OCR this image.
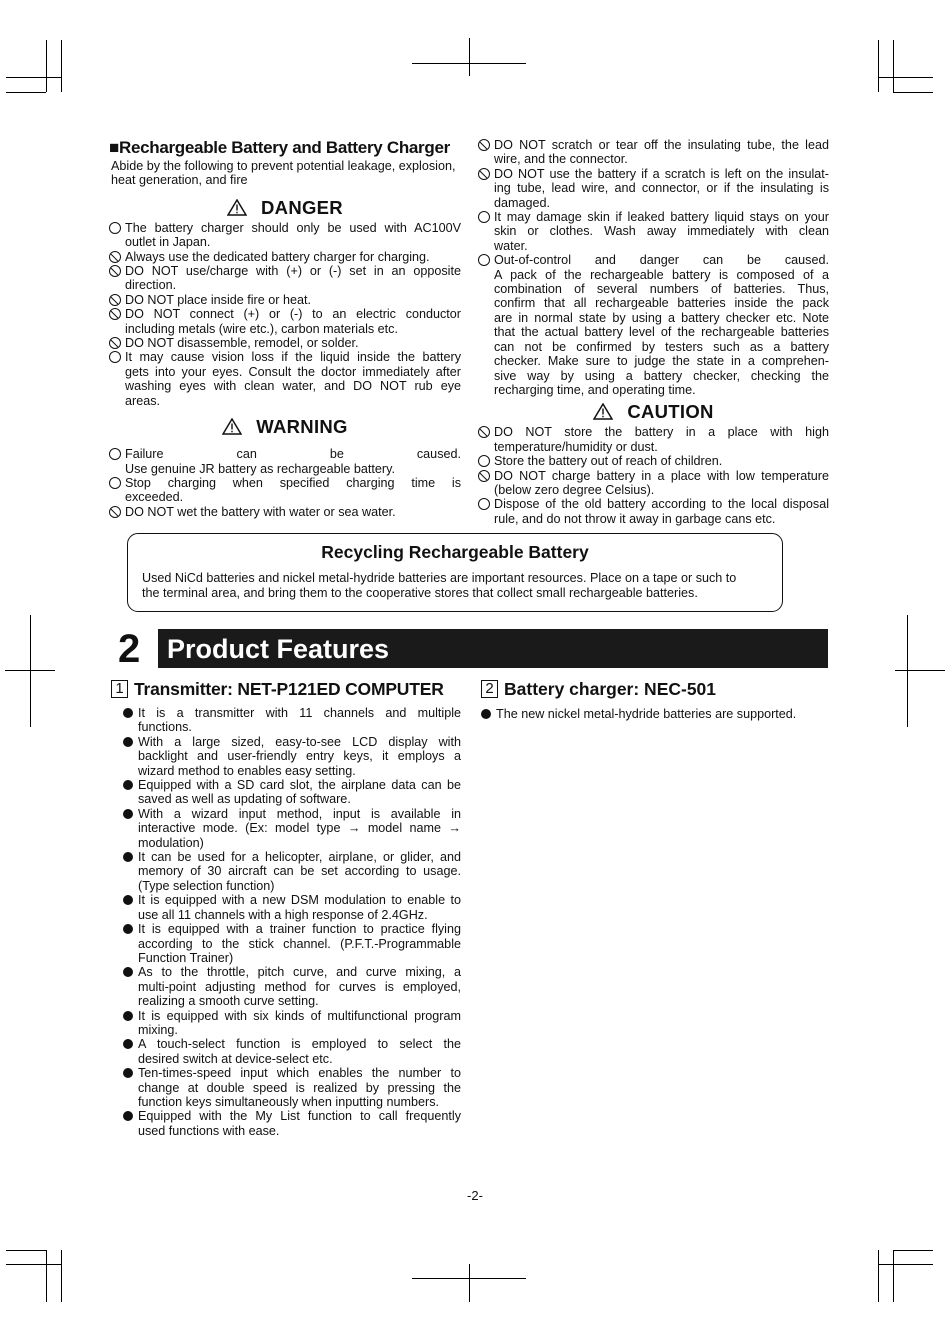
■Rechargeable Battery and Battery Charger

Abide by the following to prevent potential leakage, explosion, heat generation, and fire

DANGER
The battery charger should only be used with AC100V
outlet in Japan.
Always use the dedicated battery charger for charging.
DO NOT use/charge with (+) or (-) set in an opposite
direction.
DO NOT place inside fire or heat.
DO NOT connect (+) or (-) to an electric conductor
including metals (wire etc.), carbon materials etc.
DO NOT disassemble, remodel, or solder.
It may cause vision loss if the liquid inside the battery
gets into your eyes. Consult the doctor immediately after
washing eyes with clean water, and DO NOT rub eye
areas.
WARNING
Failure can be caused.
Use genuine JR battery as rechargeable battery.
Stop charging when specified charging time is
exceeded.
DO NOT wet the battery with water or sea water.
DO NOT scratch or tear off the insulating tube, the lead
wire, and the connector.
DO NOT use the battery if a scratch is left on the insulat-
ing tube, lead wire, and connector, or if the insulating is
damaged.
It may damage skin if leaked battery liquid stays on your
skin or clothes. Wash away immediately with clean
water.
Out-of-control and danger can be caused.
A pack of the rechargeable battery is composed of a
combination of several numbers of batteries. Thus,
confirm that all rechargeable batteries inside the pack
are in normal state by using a battery checker etc. Note
that the actual battery level of the rechargeable batteries
can not be confirmed by testers such as a battery
checker. Make sure to judge the state in a comprehen-
sive way by using a battery checker, checking the
recharging time, and operating time.
CAUTION
DO NOT store the battery in a place with high
temperature/humidity or dust.
Store the battery out of reach of children.
DO NOT charge battery in a place with low temperature
(below zero degree Celsius).
Dispose of the old battery according to the local disposal
rule, and do not throw it away in garbage cans etc.
Recycling Rechargeable Battery

Used NiCd batteries and nickel metal-hydride batteries are important resources. Place on a tape or such to
the terminal area, and bring them to the cooperative stores that collect small rechargeable batteries.

2 Product Features
1 Transmitter: NET-P121ED COMPUTER
It is a transmitter with 11 channels and multiple
functions.
With a large sized, easy-to-see LCD display with
backlight and user-friendly entry keys, it employs a
wizard method to enables easy setting.
Equipped with a SD card slot, the airplane data can be
saved as well as updating of software.
With a wizard input method, input is available in
interactive mode. (Ex: model type → model name →
modulation)
It can be used for a helicopter, airplane, or glider, and
memory of 30 aircraft can be set according to usage.
(Type selection function)
It is equipped with a new DSM modulation to enable to
use all 11 channels with a high response of 2.4GHz.
It is equipped with a trainer function to practice flying
according to the stick channel. (P.F.T.-Programmable
Function Trainer)
As to the throttle, pitch curve, and curve mixing, a
multi-point adjusting method for curves is employed,
realizing a smooth curve setting.
It is equipped with six kinds of multifunctional program
mixing.
A touch-select function is employed to select the
desired switch at device-select etc.
Ten-times-speed input which enables the number to
change at double speed is realized by pressing the
function keys simultaneously when inputting numbers.
Equipped with the My List function to call frequently
used functions with ease.
2 Battery charger: NEC-501
The new nickel metal-hydride batteries are supported.
-2-
